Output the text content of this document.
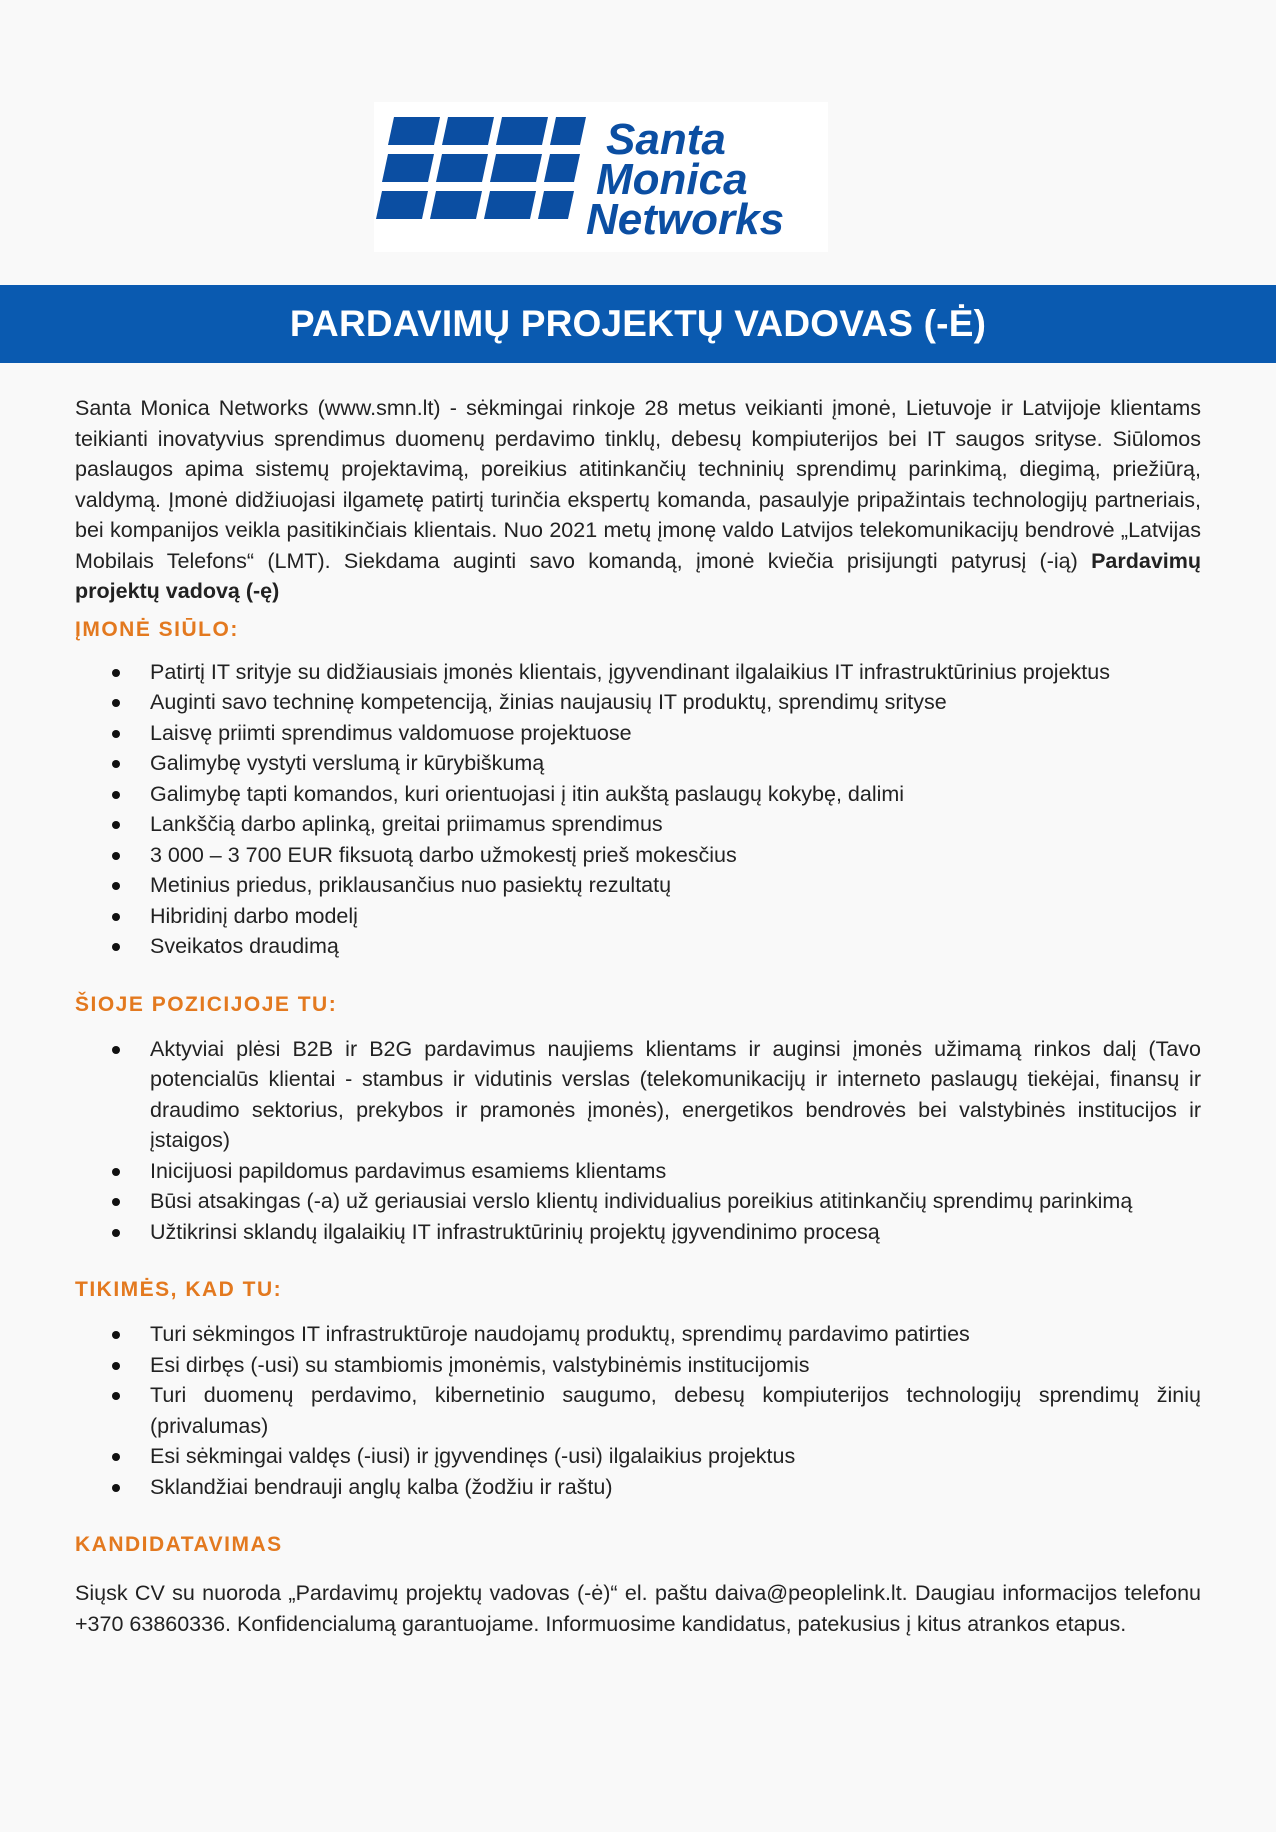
Santa
Monica
Networks
PARDAVIMŲ PROJEKTŲ VADOVAS (-Ė)

Santa Monica Networks (www.smn.lt) - sėkmingai rinkoje 28 metus veikianti įmonė, Lietuvoje ir Latvijoje klientams teikianti inovatyvius sprendimus duomenų perdavimo tinklų, debesų kompiuterijos bei IT saugos srityse. Siūlomos paslaugos apima sistemų projektavimą, poreikius atitinkančių techninių sprendimų parinkimą, diegimą, priežiūrą, valdymą. Įmonė didžiuojasi ilgametę patirtį turinčia ekspertų komanda, pasaulyje pripažintais technologijų partneriais, bei kompanijos veikla pasitikinčiais klientais. Nuo 2021 metų įmonę valdo Latvijos telekomunikacijų bendrovė „Latvijas Mobilais Telefons“ (LMT). Siekdama auginti savo komandą, įmonė kviečia prisijungti patyrusį (-ią) Pardavimų projektų vadovą (-ę)

ĮMONĖ SIŪLO:
Patirtį IT srityje su didžiausiais įmonės klientais, įgyvendinant ilgalaikius IT infrastruktūrinius projektus
Auginti savo techninę kompetenciją, žinias naujausių IT produktų, sprendimų srityse
Laisvę priimti sprendimus valdomuose projektuose
Galimybę vystyti verslumą ir kūrybiškumą
Galimybę tapti komandos, kuri orientuojasi į itin aukštą paslaugų kokybę, dalimi
Lankščią darbo aplinką, greitai priimamus sprendimus
3 000 – 3 700 EUR fiksuotą darbo užmokestį prieš mokesčius
Metinius priedus, priklausančius nuo pasiektų rezultatų
Hibridinį darbo modelį
Sveikatos draudimą
ŠIOJE POZICIJOJE TU:
Aktyviai plėsi B2B ir B2G pardavimus naujiems klientams ir auginsi įmonės užimamą rinkos dalį (Tavo potencialūs klientai - stambus ir vidutinis verslas (telekomunikacijų ir interneto paslaugų tiekėjai, finansų ir draudimo sektorius, prekybos ir pramonės įmonės), energetikos bendrovės bei valstybinės institucijos ir įstaigos)
Inicijuosi papildomus pardavimus esamiems klientams
Būsi atsakingas (-a) už geriausiai verslo klientų individualius poreikius atitinkančių sprendimų parinkimą
Užtikrinsi sklandų ilgalaikių IT infrastruktūrinių projektų įgyvendinimo procesą
TIKIMĖS, KAD TU:
Turi sėkmingos IT infrastruktūroje naudojamų produktų, sprendimų pardavimo patirties
Esi dirbęs (-usi) su stambiomis įmonėmis, valstybinėmis institucijomis
Turi duomenų perdavimo, kibernetinio saugumo, debesų kompiuterijos technologijų sprendimų žinių (privalumas)
Esi sėkmingai valdęs (-iusi) ir įgyvendinęs (-usi) ilgalaikius projektus
Sklandžiai bendrauji anglų kalba (žodžiu ir raštu)
KANDIDATAVIMAS

Siųsk CV su nuoroda „Pardavimų projektų vadovas (-ė)“ el. paštu daiva@peoplelink.lt. Daugiau informacijos telefonu +370 63860336. Konfidencialumą garantuojame. Informuosime kandidatus, patekusius į kitus atrankos etapus.
